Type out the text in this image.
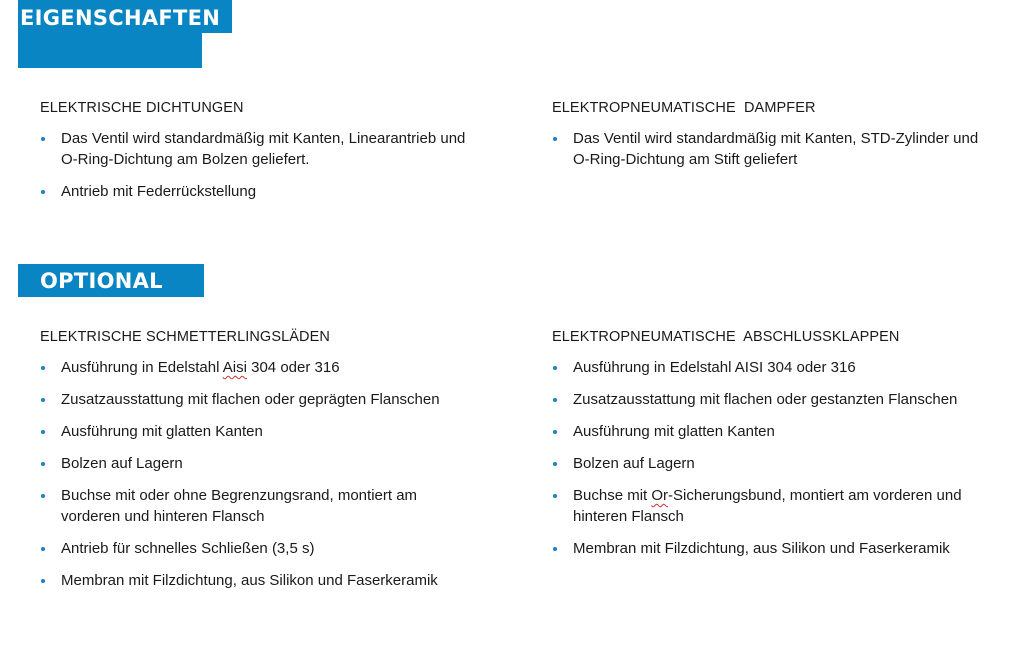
EIGENSCHAFTEN
ELEKTRISCHE DICHTUNGEN
Das Ventil wird standardmäßig mit Kanten, Linearantrieb und O-Ring-Dichtung am Bolzen geliefert.
Antrieb mit Federrückstellung
ELEKTROPNEUMATISCHE  DAMPFER
Das Ventil wird standardmäßig mit Kanten, STD-Zylinder und O-Ring-Dichtung am Stift geliefert
OPTIONAL
ELEKTRISCHE SCHMETTERLINGSLÄDEN
Ausführung in Edelstahl Aisi 304 oder 316
Zusatzausstattung mit flachen oder geprägten Flanschen
Ausführung mit glatten Kanten
Bolzen auf Lagern
Buchse mit oder ohne Begrenzungsrand, montiert am vorderen und hinteren Flansch
Antrieb für schnelles Schließen (3,5 s)
Membran mit Filzdichtung, aus Silikon und Faserkeramik
ELEKTROPNEUMATISCHE  ABSCHLUSSKLAPPEN
Ausführung in Edelstahl AISI 304 oder 316
Zusatzausstattung mit flachen oder gestanzten Flanschen
Ausführung mit glatten Kanten
Bolzen auf Lagern
Buchse mit Or-Sicherungsbund, montiert am vorderen und hinteren Flansch
Membran mit Filzdichtung, aus Silikon und Faserkeramik
